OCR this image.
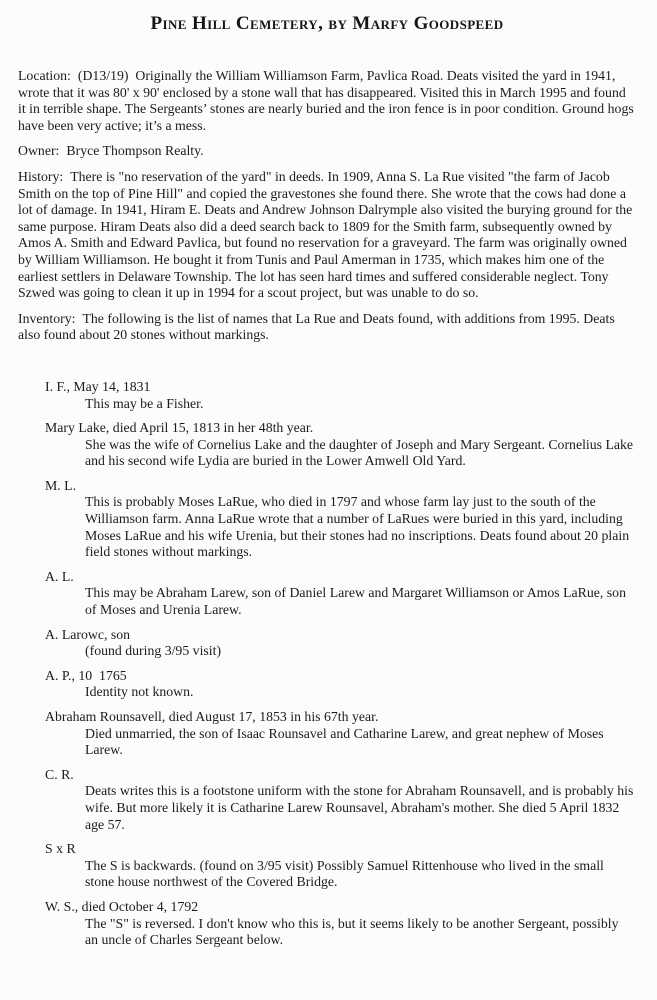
Pine Hill Cemetery, by Marfy Goodspeed

Location: (D13/19)  Originally the William Williamson Farm, Pavlica Road. Deats visited the yard in 1941, wrote that it was 80' x 90' enclosed by a stone wall that has disappeared. Visited this in March 1995 and found it in terrible shape. The Sergeants’ stones are nearly buried and the iron fence is in poor condition. Ground hogs have been very active; it’s a mess.

Owner: Bryce Thompson Realty.

History: There is "no reservation of the yard" in deeds. In 1909, Anna S. La Rue visited "the farm of Jacob Smith on the top of Pine Hill" and copied the gravestones she found there. She wrote that the cows had done a lot of damage. In 1941, Hiram E. Deats and Andrew Johnson Dalrymple also visited the burying ground for the same purpose. Hiram Deats also did a deed search back to 1809 for the Smith farm, subsequently owned by Amos A. Smith and Edward Pavlica, but found no reservation for a graveyard. The farm was originally owned by William Williamson. He bought it from Tunis and Paul Amerman in 1735, which makes him one of the earliest settlers in Delaware Township. The lot has seen hard times and suffered considerable neglect. Tony Szwed was going to clean it up in 1994 for a scout project, but was unable to do so.

Inventory: The following is the list of names that La Rue and Deats found, with additions from 1995. Deats also found about 20 stones without markings.

I. F., May 14, 1831
This may be a Fisher.
Mary Lake, died April 15, 1813 in her 48th year.
She was the wife of Cornelius Lake and the daughter of Joseph and Mary Sergeant. Cornelius Lake and his second wife Lydia are buried in the Lower Amwell Old Yard.
M. L.
This is probably Moses LaRue, who died in 1797 and whose farm lay just to the south of the Williamson farm. Anna LaRue wrote that a number of LaRues were buried in this yard, including Moses LaRue and his wife Urenia, but their stones had no inscriptions. Deats found about 20 plain field stones without markings.
A. L.
This may be Abraham Larew, son of Daniel Larew and Margaret Williamson or Amos LaRue, son of Moses and Urenia Larew.
A. Larowc, son
(found during 3/95 visit)
A. P., 10  1765
Identity not known.
Abraham Rounsavell, died August 17, 1853 in his 67th year.
Died unmarried, the son of Isaac Rounsavel and Catharine Larew, and great nephew of Moses Larew.
C. R.
Deats writes this is a footstone uniform with the stone for Abraham Rounsavell, and is probably his wife. But more likely it is Catharine Larew Rounsavel, Abraham's mother. She died 5 April 1832 age 57.
S x R
The S is backwards. (found on 3/95 visit) Possibly Samuel Rittenhouse who lived in the small stone house northwest of the Covered Bridge.
W. S., died October 4, 1792
The "S" is reversed. I don't know who this is, but it seems likely to be another Sergeant, possibly an uncle of Charles Sergeant below.
